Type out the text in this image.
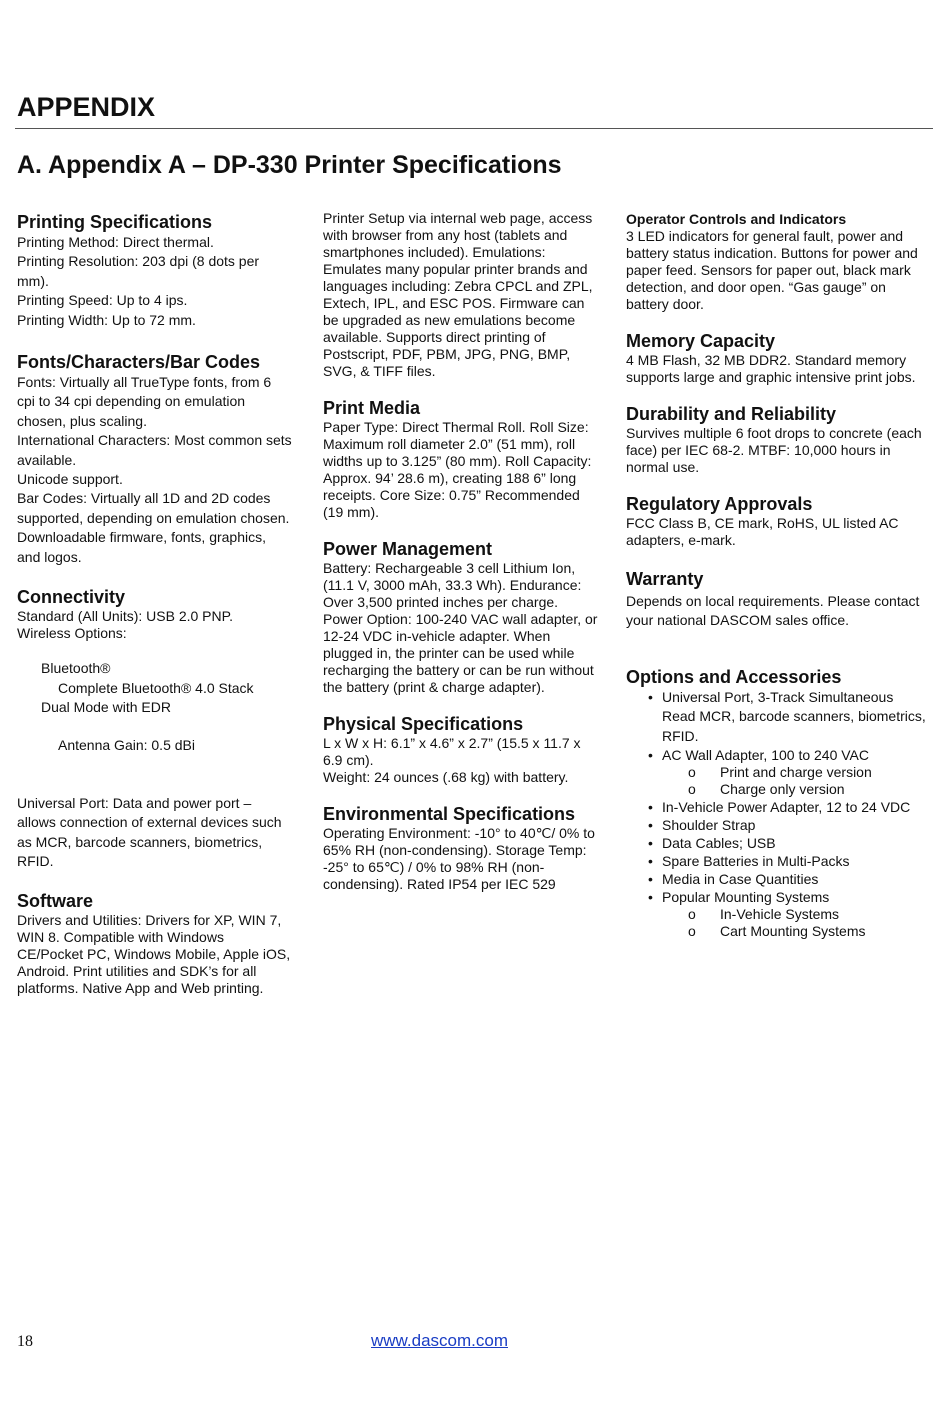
APPENDIX
A. Appendix A – DP-330 Printer Specifications
Printing Specifications

Printing Method: Direct thermal.

Printing Resolution: 203 dpi (8 dots per mm).

Printing Speed: Up to 4 ips.

Printing Width: Up to 72 mm.

Fonts/Characters/Bar Codes

Fonts: Virtually all TrueType fonts, from 6 cpi to 34 cpi depending on emulation chosen, plus scaling.

International Characters: Most common sets available.

Unicode support.

Bar Codes: Virtually all 1D and 2D codes supported, depending on emulation chosen.

Downloadable firmware, fonts, graphics, and logos.

Connectivity

Standard (All Units): USB 2.0 PNP.

Wireless Options:

Bluetooth®

Complete Bluetooth® 4.0 Stack

Dual Mode with EDR

Antenna Gain: 0.5 dBi

Universal Port: Data and power port – allows connection of external devices such as MCR, barcode scanners, biometrics, RFID.

Software

Drivers and Utilities: Drivers for XP, WIN 7, WIN 8. Compatible with Windows CE/Pocket PC, Windows Mobile, Apple iOS, Android. Print utilities and SDK’s for all platforms. Native App and Web printing.

Printer Setup via internal web page, access with browser from any host (tablets and smartphones included). Emulations: Emulates many popular printer brands and languages including: Zebra CPCL and ZPL, Extech, IPL, and ESC POS. Firmware can be upgraded as new emulations become available. Supports direct printing of Postscript, PDF, PBM, JPG, PNG, BMP, SVG, & TIFF files.

Print Media

Paper Type: Direct Thermal Roll. Roll Size: Maximum roll diameter 2.0” (51 mm), roll widths up to 3.125” (80 mm). Roll Capacity: Approx. 94’ 28.6 m), creating 188 6” long receipts. Core Size: 0.75” Recommended (19 mm).

Power Management

Battery: Rechargeable 3 cell Lithium Ion, (11.1 V, 3000 mAh, 33.3 Wh). Endurance: Over 3,500 printed inches per charge. Power Option: 100-240 VAC wall adapter, or 12-24 VDC in-vehicle adapter. When plugged in, the printer can be used while recharging the battery or can be run without the battery (print & charge adapter).

Physical Specifications

L x W x H: 6.1” x 4.6” x 2.7” (15.5 x 11.7 x 6.9 cm).

Weight: 24 ounces (.68 kg) with battery.

Environmental Specifications

Operating Environment: -10° to 40℃/ 0% to 65% RH (non-condensing). Storage Temp: -25° to 65℃) / 0% to 98% RH (non-condensing). Rated IP54 per IEC 529

Operator Controls and Indicators

3 LED indicators for general fault, power and battery status indication. Buttons for power and paper feed. Sensors for paper out, black mark detection, and door open. “Gas gauge” on battery door.

Memory Capacity

4 MB Flash, 32 MB DDR2. Standard memory supports large and graphic intensive print jobs.

Durability and Reliability

Survives multiple 6 foot drops to concrete (each face) per IEC 68-2. MTBF: 10,000 hours in normal use.

Regulatory Approvals

FCC Class B, CE mark, RoHS, UL listed AC adapters, e-mark.

Warranty

Depends on local requirements. Please contact your national DASCOM sales office.

Options and Accessories
• Universal Port, 3-Track Simultaneous Read MCR, barcode scanners, biometrics, RFID.
• AC Wall Adapter, 100 to 240 VAC
o Print and charge version
o Charge only version
• In-Vehicle Power Adapter, 12 to 24 VDC
• Shoulder Strap
• Data Cables; USB
• Spare Batteries in Multi-Packs
• Media in Case Quantities
• Popular Mounting Systems
o In-Vehicle Systems
o Cart Mounting Systems
18	www.dascom.com
